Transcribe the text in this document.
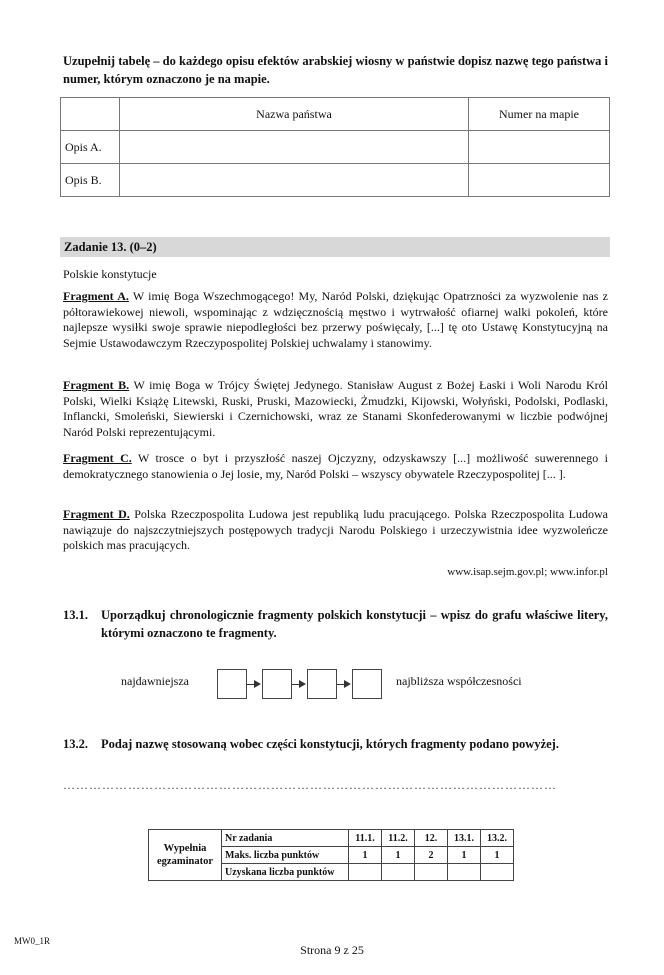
Uzupełnij tabelę – do każdego opisu efektów arabskiej wiosny w państwie dopisz nazwę tego państwa i numer, którym oznaczono je na mapie.
	Nazwa państwa	Numer na mapie
Opis A.		
Opis B.		
Zadanie 13. (0–2)
Polskie konstytucje
Fragment A. W imię Boga Wszechmogącego! My, Naród Polski, dziękując Opatrzności za wyzwolenie nas z półtorawiekowej niewoli, wspominając z wdzięcznością męstwo i wytrwałość ofiarnej walki pokoleń, które najlepsze wysiłki swoje sprawie niepodległości bez przerwy poświęcały, [...] tę oto Ustawę Konstytucyjną na Sejmie Ustawodawczym Rzeczypospolitej Polskiej uchwalamy i stanowimy.
Fragment B. W imię Boga w Trójcy Świętej Jedynego. Stanisław August z Bożej Łaski i Woli Narodu Król Polski, Wielki Książę Litewski, Ruski, Pruski, Mazowiecki, Żmudzki, Kijowski, Wołyński, Podolski, Podlaski, Inflancki, Smoleński, Siewierski i Czernichowski, wraz ze Stanami Skonfederowanymi w liczbie podwójnej Naród Polski reprezentującymi.
Fragment C. W trosce o byt i przyszłość naszej Ojczyzny, odzyskawszy [...] możliwość suwerennego i demokratycznego stanowienia o Jej losie, my, Naród Polski – wszyscy obywatele Rzeczypospolitej [... ].
Fragment D. Polska Rzeczpospolita Ludowa jest republiką ludu pracującego. Polska Rzeczpospolita Ludowa nawiązuje do najszczytniejszych postępowych tradycji Narodu Polskiego i urzeczywistnia idee wyzwoleńcze polskich mas pracujących.
www.isap.sejm.gov.pl; www.infor.pl
13.1.	Uporządkuj chronologicznie fragmenty polskich konstytucji – wpisz do grafu właściwe litery, którymi oznaczono te fragmenty.
najdawniejsza	najbliższa współczesności
13.2.	Podaj nazwę stosowaną wobec części konstytucji, których fragmenty podano powyżej.
……………………………………………………………………………………………………
Wypełnia egzaminator	Nr zadania	11.1.	11.2.	12.	13.1.	13.2.
	Maks. liczba punktów	1	1	2	1	1
	Uzyskana liczba punktów					
MW0_1R
Strona 9 z 25
